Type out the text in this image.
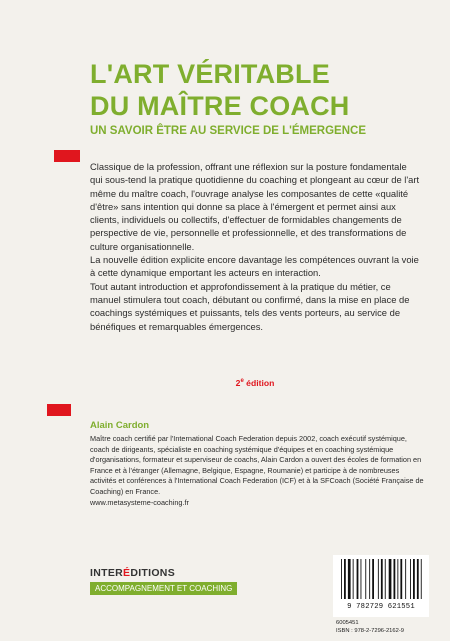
L'ART VÉRITABLE
DU MAÎTRE COACH
UN SAVOIR ÊTRE AU SERVICE DE L'ÉMERGENCE

Classique de la profession, offrant une réflexion sur la posture fondamentale qui sous-tend la pratique quotidienne du coaching et plongeant au cœur de l'art même du maître coach, l'ouvrage analyse les composantes de cette «qualité d'être» sans intention qui donne sa place à l'émergent et permet ainsi aux clients, individuels ou collectifs, d'effectuer de formidables changements de perspective de vie, personnelle et professionnelle, et des transformations de culture organisationnelle.

La nouvelle édition explicite encore davantage les compétences ouvrant la voie à cette dynamique emportant les acteurs en interaction.

Tout autant introduction et approfondissement à la pratique du métier, ce manuel stimulera tout coach, débutant ou confirmé, dans la mise en place de coachings systémiques et puissants, tels des vents porteurs, au service de bénéfiques et remarquables émergences.

2e édition
Alain Cardon

Maître coach certifié par l'International Coach Federation depuis 2002, coach exécutif systémique, coach de dirigeants, spécialiste en coaching systémique d'équipes et en coaching systémique d'organisations, formateur et superviseur de coachs, Alain Cardon a ouvert des écoles de formation en France et à l'étranger (Allemagne, Belgique, Espagne, Roumanie) et participe à de nombreuses activités et conférences à l'International Coach Federation (ICF) et à la SFCoach (Société Française de Coaching) en France.

www.metasysteme-coaching.fr

INTERÉDITIONS
ACCOMPAGNEMENT ET COACHING
9 782729 621551
6005451
ISBN : 978-2-7296-2162-9
